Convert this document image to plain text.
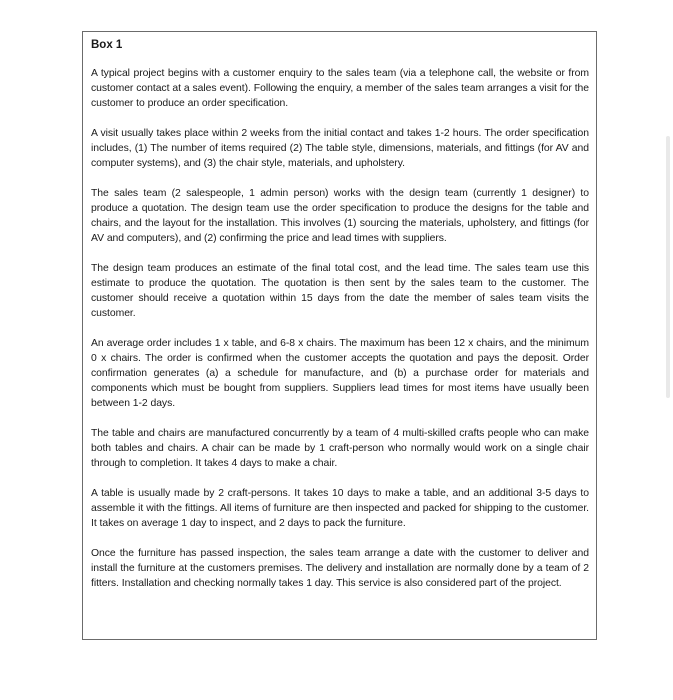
Box 1

A typical project begins with a customer enquiry to the sales team (via a telephone call, the website or from customer contact at a sales event). Following the enquiry, a member of the sales team arranges a visit for the customer to produce an order specification.

A visit usually takes place within 2 weeks from the initial contact and takes 1-2 hours. The order specification includes, (1) The number of items required (2) The table style, dimensions, materials, and fittings (for AV and computer systems), and (3) the chair style, materials, and upholstery.

The sales team (2 salespeople, 1 admin person) works with the design team (currently 1 designer) to produce a quotation. The design team use the order specification to produce the designs for the table and chairs, and the layout for the installation. This involves (1) sourcing the materials, upholstery, and fittings (for AV and computers), and (2) confirming the price and lead times with suppliers.

The design team produces an estimate of the final total cost, and the lead time. The sales team use this estimate to produce the quotation. The quotation is then sent by the sales team to the customer. The customer should receive a quotation within 15 days from the date the member of sales team visits the customer.

An average order includes 1 x table, and 6-8 x chairs. The maximum has been 12 x chairs, and the minimum 0 x chairs. The order is confirmed when the customer accepts the quotation and pays the deposit. Order confirmation generates (a) a schedule for manufacture, and (b) a purchase order for materials and components which must be bought from suppliers. Suppliers lead times for most items have usually been between 1-2 days.

The table and chairs are manufactured concurrently by a team of 4 multi-skilled crafts people who can make both tables and chairs. A chair can be made by 1 craft-person who normally would work on a single chair through to completion. It takes 4 days to make a chair.

A table is usually made by 2 craft-persons. It takes 10 days to make a table, and an additional 3-5 days to assemble it with the fittings. All items of furniture are then inspected and packed for shipping to the customer. It takes on average 1 day to inspect, and 2 days to pack the furniture.

Once the furniture has passed inspection, the sales team arrange a date with the customer to deliver and install the furniture at the customers premises. The delivery and installation are normally done by a team of 2 fitters. Installation and checking normally takes 1 day. This service is also considered part of the project.
